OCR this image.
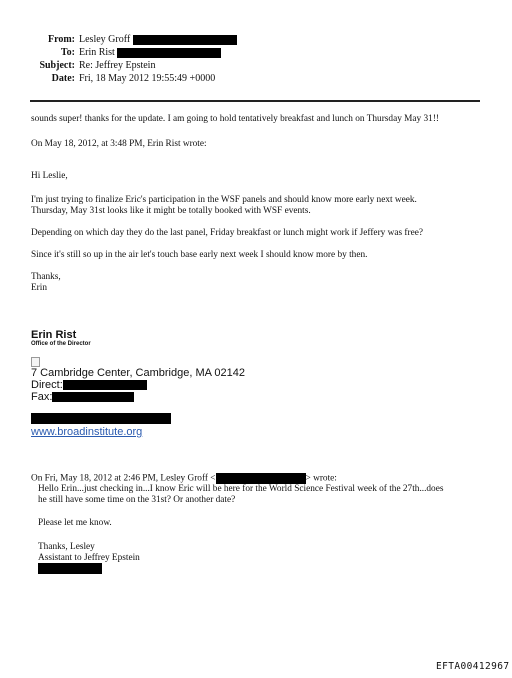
From: Lesley Groff
To: Erin Rist
Subject: Re: Jeffrey Epstein
Date: Fri, 18 May 2012 19:55:49 +0000
sounds super! thanks for the update. I am going to hold tentatively breakfast and lunch on Thursday May 31!!
On May 18, 2012, at 3:48 PM, Erin Rist wrote:
Hi Leslie,
I'm just trying to finalize Eric's participation in the WSF panels and should know more early next week.
Thursday, May 31st looks like it might be totally booked with WSF events.
Depending on which day they do the last panel, Friday breakfast or lunch might work if Jeffery was free?
Since it's still so up in the air let's touch base early next week I should know more by then.
Thanks,
Erin
Erin Rist
Office of the Director
7 Cambridge Center, Cambridge, MA 02142
Direct:
Fax:
www.broadinstitute.org
On Fri, May 18, 2012 at 2:46 PM, Lesley Groff <	> wrote:
Hello Erin...just checking in...I know Eric will be here for the World Science Festival week of the 27th...does
he still have some time on the 31st? Or another date?
Please let me know.
Thanks, Lesley
Assistant to Jeffrey Epstein
EFTA00412967
